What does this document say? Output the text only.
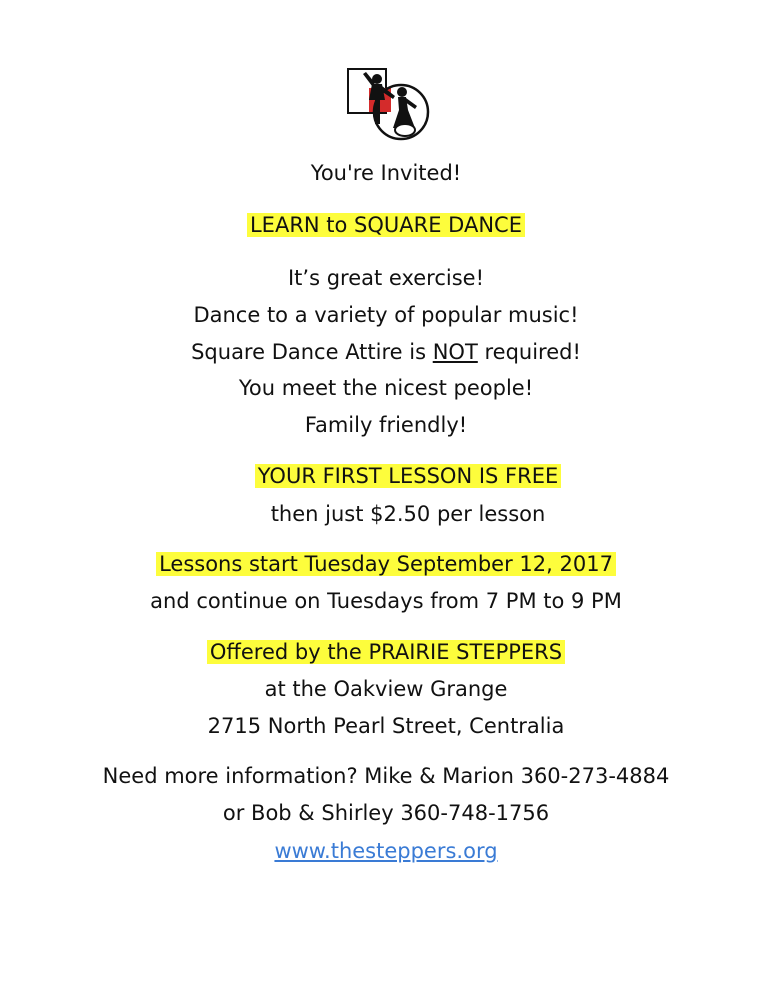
You're Invited!
LEARN to SQUARE DANCE
It’s great exercise!
Dance to a variety of popular music!
Square Dance Attire is NOT required!
You meet the nicest people!
Family friendly!
YOUR FIRST LESSON IS FREE
then just $2.50 per lesson
Lessons start Tuesday September 12, 2017
and continue on Tuesdays from 7 PM to 9 PM
Offered by the PRAIRIE STEPPERS
at the Oakview Grange
2715 North Pearl Street, Centralia
Need more information? Mike & Marion 360-273-4884
or Bob & Shirley 360-748-1756
www.thesteppers.org
